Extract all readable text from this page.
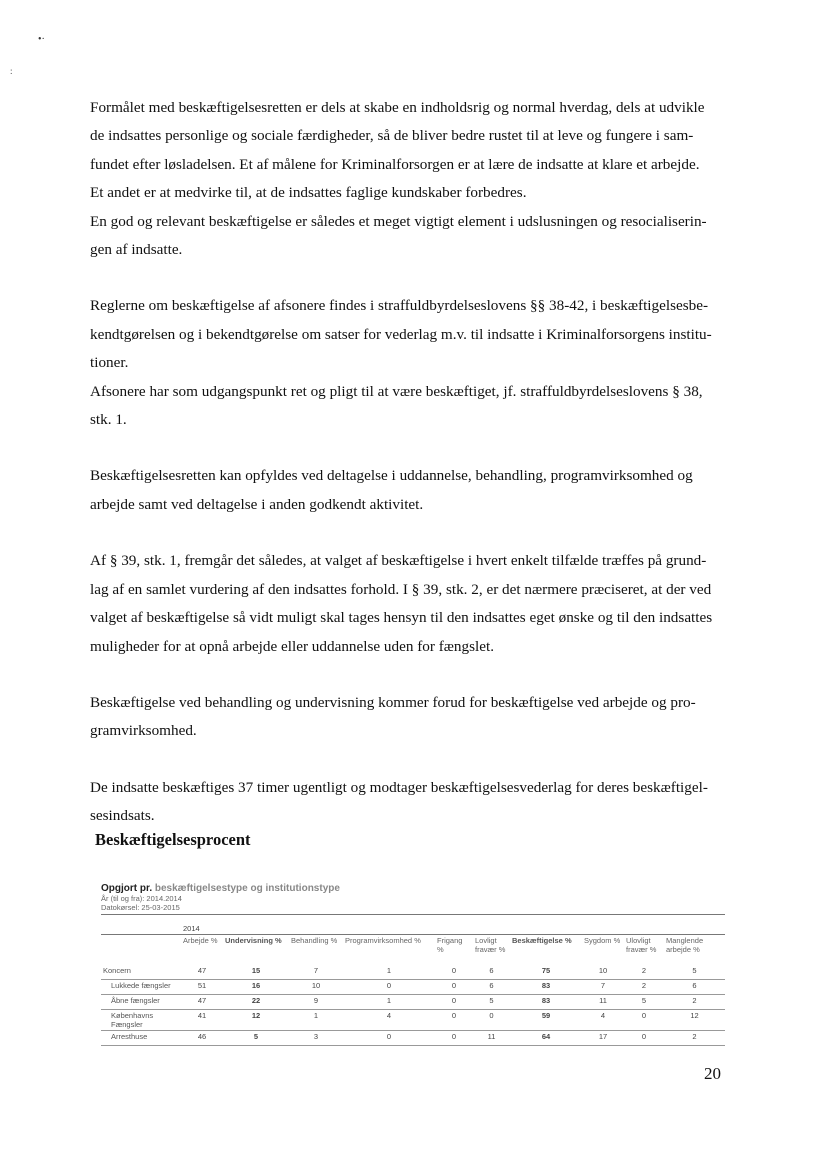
•·
:

Formålet med beskæftigelsesretten er dels at skabe en indholdsrig og normal hverdag, dels at udvikle
de indsattes personlige og sociale færdigheder, så de bliver bedre rustet til at leve og fungere i sam-
fundet efter løsladelsen. Et af målene for Kriminalforsorgen er at lære de indsatte at klare et arbejde.
Et andet er at medvirke til, at de indsattes faglige kundskaber forbedres.
En god og relevant beskæftigelse er således et meget vigtigt element i udslusningen og resocialiserin-
gen af indsatte.

Reglerne om beskæftigelse af afsonere findes i straffuldbyrdelseslovens §§ 38-42, i beskæftigelsesbe-
kendtgørelsen og i bekendtgørelse om satser for vederlag m.v. til indsatte i Kriminalforsorgens institu-
tioner.
Afsonere har som udgangspunkt ret og pligt til at være beskæftiget, jf. straffuldbyrdelseslovens § 38,
stk. 1.

Beskæftigelsesretten kan opfyldes ved deltagelse i uddannelse, behandling, programvirksomhed og
arbejde samt ved deltagelse i anden godkendt aktivitet.

Af § 39, stk. 1, fremgår det således, at valget af beskæftigelse i hvert enkelt tilfælde træffes på grund-
lag af en samlet vurdering af den indsattes forhold. I § 39, stk. 2, er det nærmere præciseret, at der ved
valget af beskæftigelse så vidt muligt skal tages hensyn til den indsattes eget ønske og til den indsattes
muligheder for at opnå arbejde eller uddannelse uden for fængslet.

Beskæftigelse ved behandling og undervisning kommer forud for beskæftigelse ved arbejde og pro-
gramvirksomhed.

De indsatte beskæftiges 37 timer ugentligt og modtager beskæftigelsesvederlag for deres beskæftigel-
sesindsats.

Beskæftigelsesprocent
Opgjort pr. beskæftigelsestype og institutionstype
År (til og fra): 2014.2014
Datokørsel: 25-03-2015
	2014									
	Arbejde %	Undervisning %	Behandling %	Programvirksomhed %	Frigang %	Lovligt fravær %	Beskæftigelse %	Sygdom %	Ulovligt fravær %	Manglende arbejde %
Koncern	47	15	7	1	0	6	75	10	2	5
Lukkede fængsler	51	16	10	0	0	6	83	7	2	6
Åbne fængsler	47	22	9	1	0	5	83	11	5	2
Københavns Fængsler	41	12	1	4	0	0	59	4	0	12
Arresthuse	46	5	3	0	0	11	64	17	0	2
20
